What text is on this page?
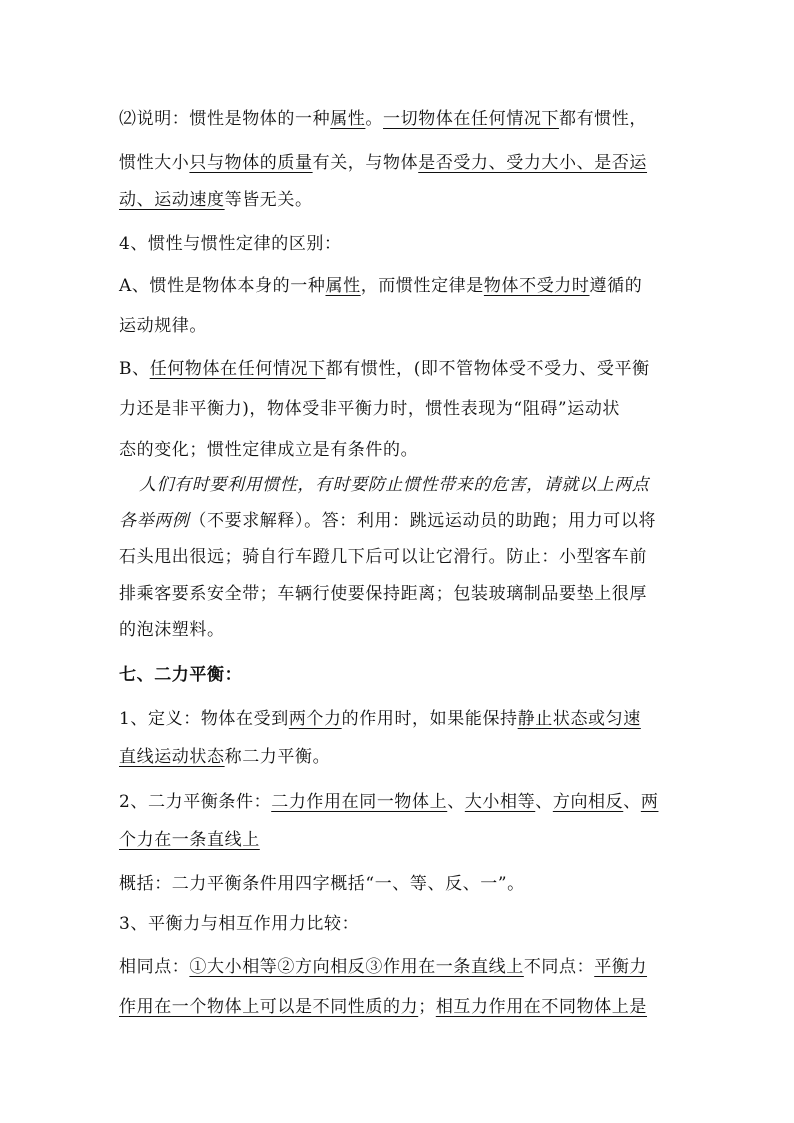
⑵说明：惯性是物体的一种属性。一切物体在任何情况下都有惯性，
惯性大小只与物体的质量有关，与物体是否受力、受力大小、是否运
动、运动速度等皆无关。
4、惯性与惯性定律的区别：
A、惯性是物体本身的一种属性，而惯性定律是物体不受力时遵循的
运动规律。
B、任何物体在任何情况下都有惯性，(即不管物体受不受力、受平衡
力还是非平衡力)，物体受非平衡力时，惯性表现为“阻碍”运动状
态的变化；惯性定律成立是有条件的。
人们有时要利用惯性，有时要防止惯性带来的危害，请就以上两点
各举两例（不要求解释）。答：利用：跳远运动员的助跑；用力可以将
石头甩出很远；骑自行车蹬几下后可以让它滑行。防止：小型客车前
排乘客要系安全带；车辆行使要保持距离；包装玻璃制品要垫上很厚
的泡沫塑料。
七、二力平衡：
1、定义：物体在受到两个力的作用时，如果能保持静止状态或匀速
直线运动状态称二力平衡。
2、二力平衡条件：二力作用在同一物体上、大小相等、方向相反、两
个力在一条直线上
概括：二力平衡条件用四字概括“一、等、反、一”。
3、平衡力与相互作用力比较：
相同点：①大小相等②方向相反③作用在一条直线上不同点：平衡力
作用在一个物体上可以是不同性质的力；相互力作用在不同物体上是
